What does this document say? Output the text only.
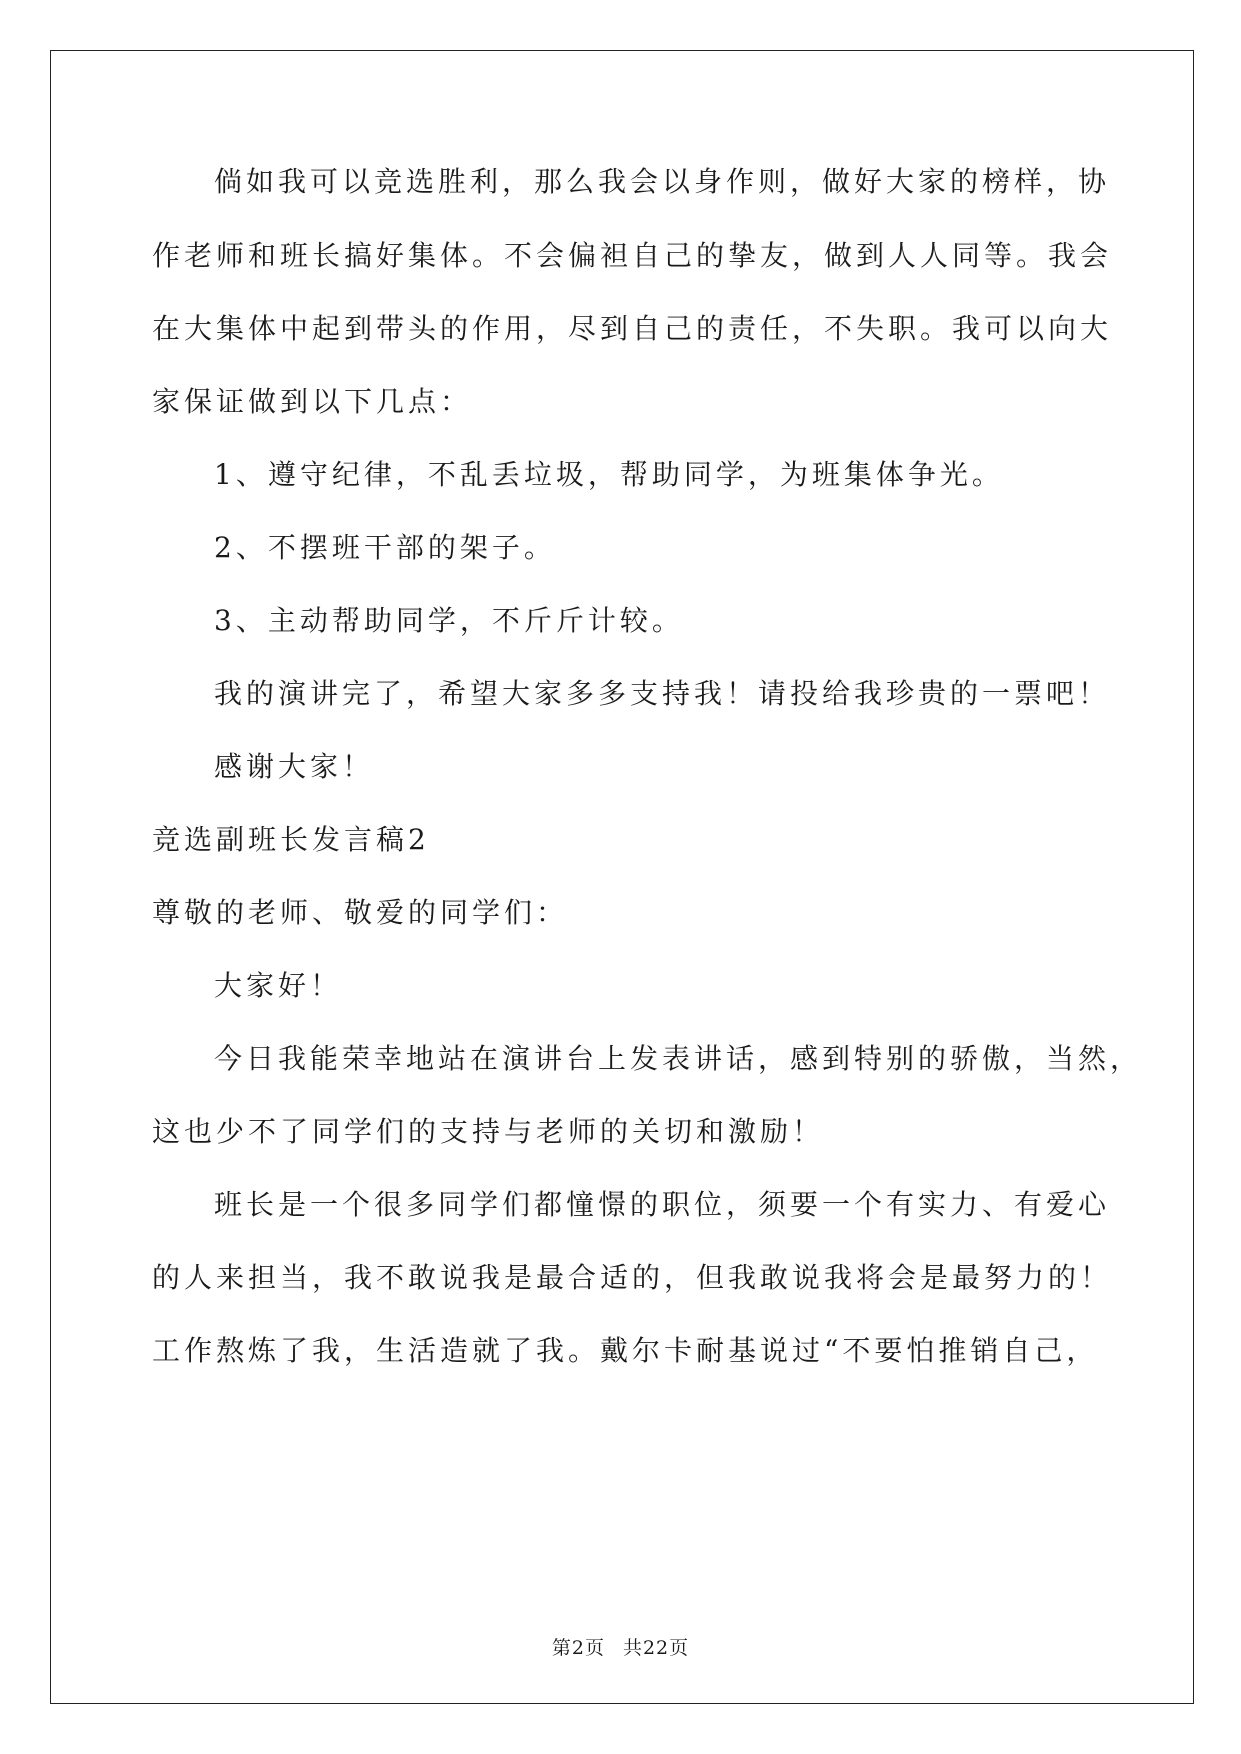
倘如我可以竞选胜利，那么我会以身作则，做好大家的榜样，协
作老师和班长搞好集体。不会偏袒自己的挚友，做到人人同等。我会
在大集体中起到带头的作用，尽到自己的责任，不失职。我可以向大
家保证做到以下几点：
1、遵守纪律，不乱丢垃圾，帮助同学，为班集体争光。
2、不摆班干部的架子。
3、主动帮助同学，不斤斤计较。
我的演讲完了，希望大家多多支持我！请投给我珍贵的一票吧！
感谢大家！
竞选副班长发言稿2
尊敬的老师、敬爱的同学们：
大家好！
今日我能荣幸地站在演讲台上发表讲话，感到特别的骄傲，当然，
这也少不了同学们的支持与老师的关切和激励！
班长是一个很多同学们都憧憬的职位，须要一个有实力、有爱心
的人来担当，我不敢说我是最合适的，但我敢说我将会是最努力的！
工作熬炼了我，生活造就了我。戴尔卡耐基说过“不要怕推销自己，
第2页 共22页
